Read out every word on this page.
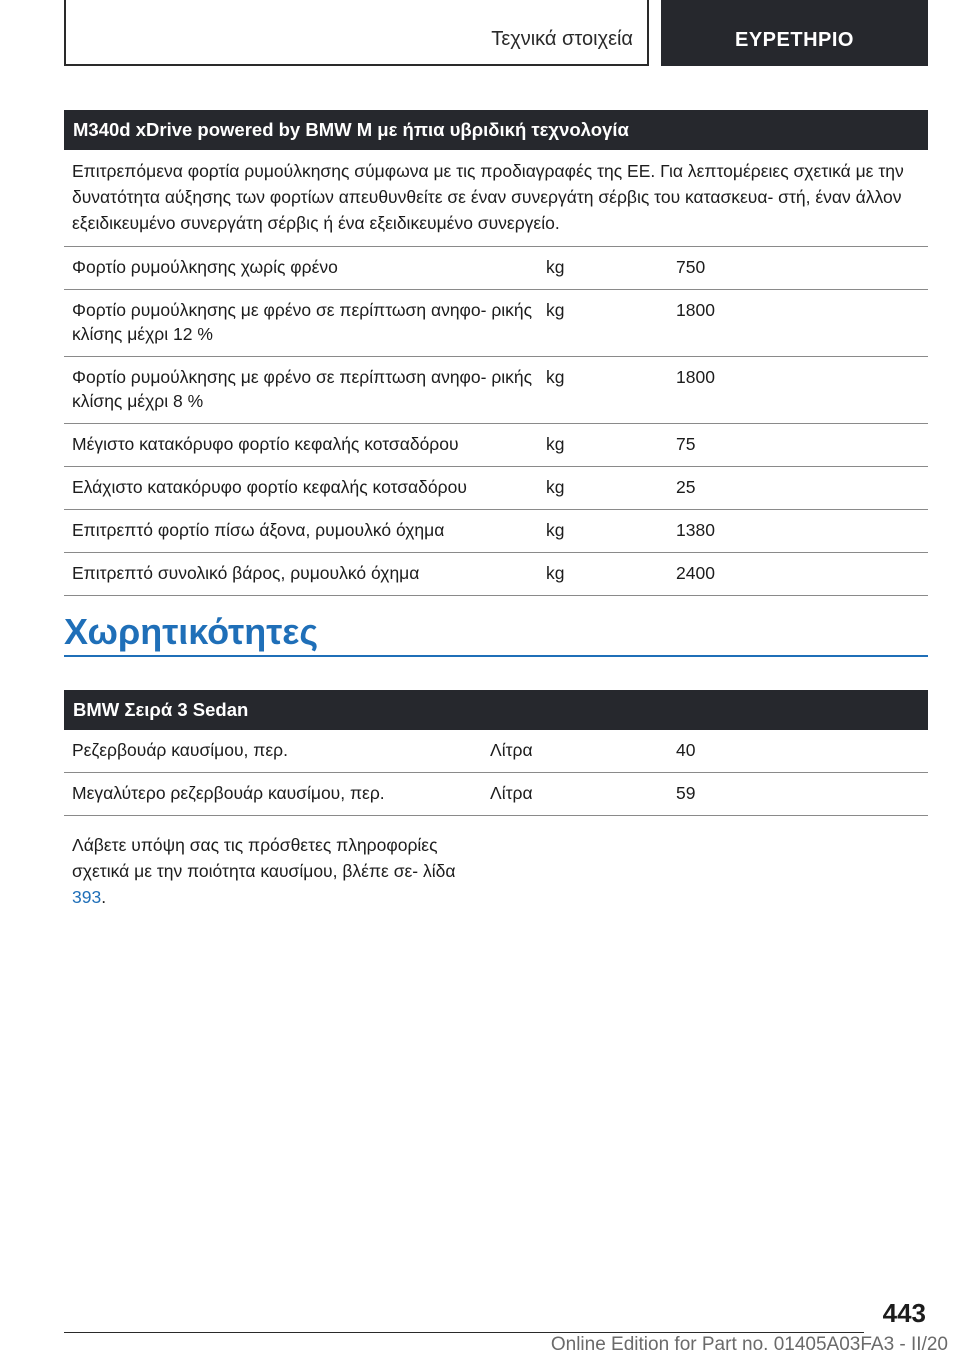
Τεχνικά στοιχεία	ΕΥΡΕΤΗΡΙΟ
M340d xDrive powered by BMW M με ήπια υβριδική τεχνολογία
Επιτρεπόμενα φορτία ρυμούλκησης σύμφωνα με τις προδιαγραφές της ΕΕ. Για λεπτομέρειες σχετικά με την δυνατότητα αύξησης των φορτίων απευθυνθείτε σε έναν συνεργάτη σέρβις του κατασκευα- στή, έναν άλλον εξειδικευμένο συνεργάτη σέρβις ή ένα εξειδικευμένο συνεργείο.
Φορτίο ρυμούλκησης χωρίς φρένο	kg	750
Φορτίο ρυμούλκησης με φρένο σε περίπτωση ανηφο- ρικής κλίσης μέχρι 12 %
kg	1800
Φορτίο ρυμούλκησης με φρένο σε περίπτωση ανηφο- ρικής κλίσης μέχρι 8 %
kg	1800
Μέγιστο κατακόρυφο φορτίο κεφαλής κοτσαδόρου	kg	75
Ελάχιστο κατακόρυφο φορτίο κεφαλής κοτσαδόρου	kg	25
Επιτρεπτό φορτίο πίσω άξονα, ρυμουλκό όχημα	kg	1380
Επιτρεπτό συνολικό βάρος, ρυμουλκό όχημα	kg	2400
Χωρητικότητες
BMW Σειρά 3 Sedan
Ρεζερβουάρ καυσίμου, περ.	Λίτρα	40
Μεγαλύτερο ρεζερβουάρ καυσίμου, περ.	Λίτρα	59
Λάβετε υπόψη σας τις πρόσθετες πληροφορίες σχετικά με την ποιότητα καυσίμου, βλέπε σε- λίδα 393.
443
Online Edition for Part no. 01405A03FA3 - II/20
